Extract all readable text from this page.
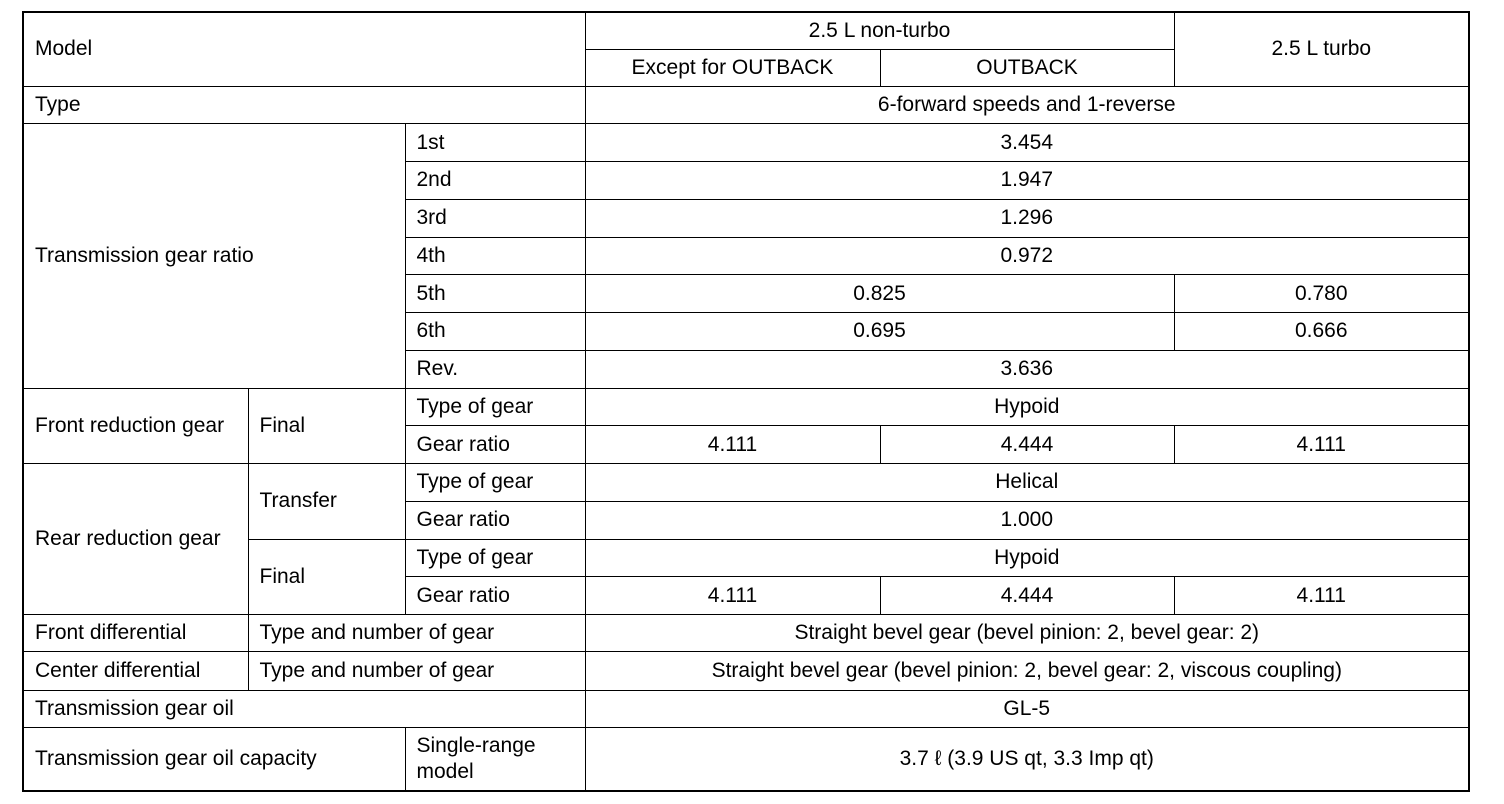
Model			2.5 L non-turbo		2.5 L turbo
			Except for OUTBACK	OUTBACK	
Type			6-forward speeds and 1-reverse		
Transmission gear ratio		1st	3.454		
		2nd	1.947		
		3rd	1.296		
		4th	0.972		
		5th	0.825		0.780
		6th	0.695		0.666
		Rev.	3.636		
Front reduction gear	Final	Type of gear	Hypoid		
		Gear ratio	4.111	4.444	4.111
Rear reduction gear	Transfer	Type of gear	Helical		
		Gear ratio	1.000		
	Final	Type of gear	Hypoid		
		Gear ratio	4.111	4.444	4.111
Front differential	Type and number of gear		Straight bevel gear (bevel pinion: 2, bevel gear: 2)		
Center differential	Type and number of gear		Straight bevel gear (bevel pinion: 2, bevel gear: 2, viscous coupling)		
Transmission gear oil			GL-5		
Transmission gear oil capacity		Single-range model	3.7 ℓ (3.9 US qt, 3.3 Imp qt)		
